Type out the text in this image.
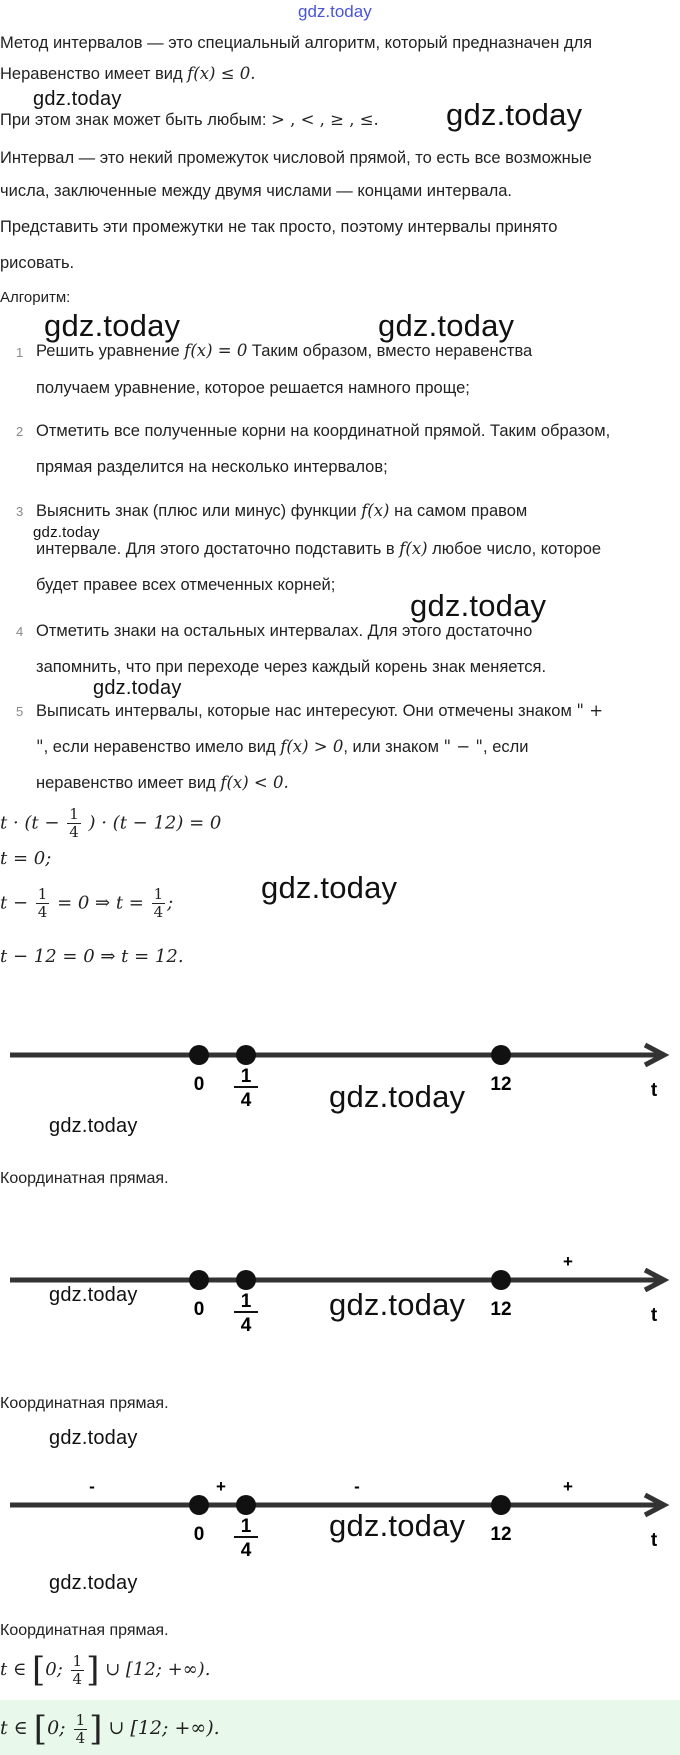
gdz.today
Метод интервалов — это специальный алгоритм, который предназначен для
Неравенство имеет вид f(x) ≤ 0.
При этом знак может быть любым: > , < , ≥ , ≤.
Интервал — это некий промежуток числовой прямой, то есть все возможные
числа, заключенные между двумя числами — концами интервала.
Представить эти промежутки не так просто, поэтому интервалы принято
рисовать.
Алгоритм:
1 Решить уравнение f(x) = 0 Таким образом, вместо неравенства
получаем уравнение, которое решается намного проще;
2 Отметить все полученные корни на координатной прямой. Таким образом,
прямая разделится на несколько интервалов;
3 Выяснить знак (плюс или минус) функции f(x) на самом правом
интервале. Для этого достаточно подставить в f(x) любое число, которое
будет правее всех отмеченных корней;
4 Отметить знаки на остальных интервалах. Для этого достаточно
запомнить, что при переходе через каждый корень знак меняется.
5 Выписать интервалы, которые нас интересуют. Они отмечены знаком " +
", если неравенство имело вид f(x) > 0, или знаком " − ", если
неравенство имеет вид f(x) < 0.
$t \cdot (t - \frac{1}{4}$ ) · (t − 12) = 0
t = 0;
$t - \frac{1}{4} = 0$ ⇒ $t = \frac{1}{4}$ ;
t − 12 = 0 ⇒ t = 12.
0 1
4
12	t
Координатная прямая.
+
0 1
4
12	t
Координатная прямая.
-	+	-	+
0 1
4
12	t
Координатная прямая.
t ∈ [0; $\frac{1}{4}$ ] ∪ [12; +∞).
t ∈ [0; $\frac{1}{4}$ ] ∪ [12; +∞).
gdz.today	gdz.today
gdz.today	gdz.today
gdz.today
gdz.today
gdz.today
gdz.today
gdz.today
gdz.today
gdz.today	gdz.today
gdz.today
gdz.today
gdz.today
